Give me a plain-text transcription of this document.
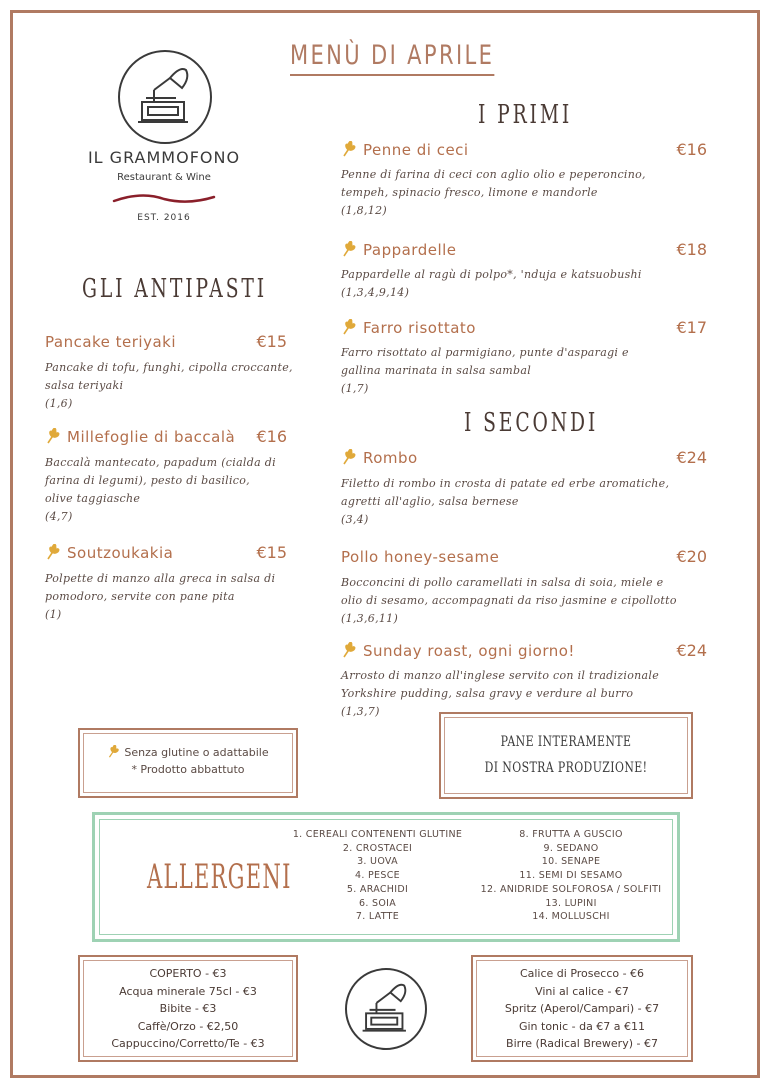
MENÙ DI APRILE
IL GRAMMOFONO
Restaurant & Wine
EST. 2016
GLI ANTIPASTI
Pancake teriyaki	€15
Pancake di tofu, funghi, cipolla croccante,
salsa teriyaki
(1,6)
Millefoglie di baccalà €16
Baccalà mantecato, papadum (cialda di
farina di legumi), pesto di basilico,
olive taggiasche
(4,7)
Soutzoukakia	€15
Polpette di manzo alla greca in salsa di
pomodoro, servite con pane pita
(1)
I PRIMI
Penne di ceci	€16
Penne di farina di ceci con aglio olio e peperoncino,
tempeh, spinacio fresco, limone e mandorle
(1,8,12)
Pappardelle	€18
Pappardelle al ragù di polpo*, 'nduja e katsuobushi
(1,3,4,9,14)
Farro risottato	€17
Farro risottato al parmigiano, punte d'asparagi e
gallina marinata in salsa sambal
(1,7)
I SECONDI
Rombo	€24
Filetto di rombo in crosta di patate ed erbe aromatiche,
agretti all'aglio, salsa bernese
(3,4)
Pollo honey-sesame	€20
Bocconcini di pollo caramellati in salsa di soia, miele e
olio di sesamo, accompagnati da riso jasmine e cipollotto
(1,3,6,11)
Sunday roast, ogni giorno!	€24
Arrosto di manzo all'inglese servito con il tradizionale
Yorkshire pudding, salsa gravy e verdure al burro
(1,3,7)
Senza glutine o adattabile
* Prodotto abbattuto
PANE INTERAMENTE
DI NOSTRA PRODUZIONE!
ALLERGENI
1. CEREALI CONTENENTI GLUTINE
2. CROSTACEI
3. UOVA
4. PESCE
5. ARACHIDI
6. SOIA
7. LATTE
8. FRUTTA A GUSCIO
9. SEDANO
10. SENAPE
11. SEMI DI SESAMO
12. ANIDRIDE SOLFOROSA / SOLFITI
13. LUPINI
14. MOLLUSCHI
COPERTO - €3
Acqua minerale 75cl - €3
Bibite - €3
Caffè/Orzo - €2,50
Cappuccino/Corretto/Te - €3
Calice di Prosecco - €6
Vini al calice - €7
Spritz (Aperol/Campari) - €7
Gin tonic - da €7 a €11
Birre (Radical Brewery) - €7
